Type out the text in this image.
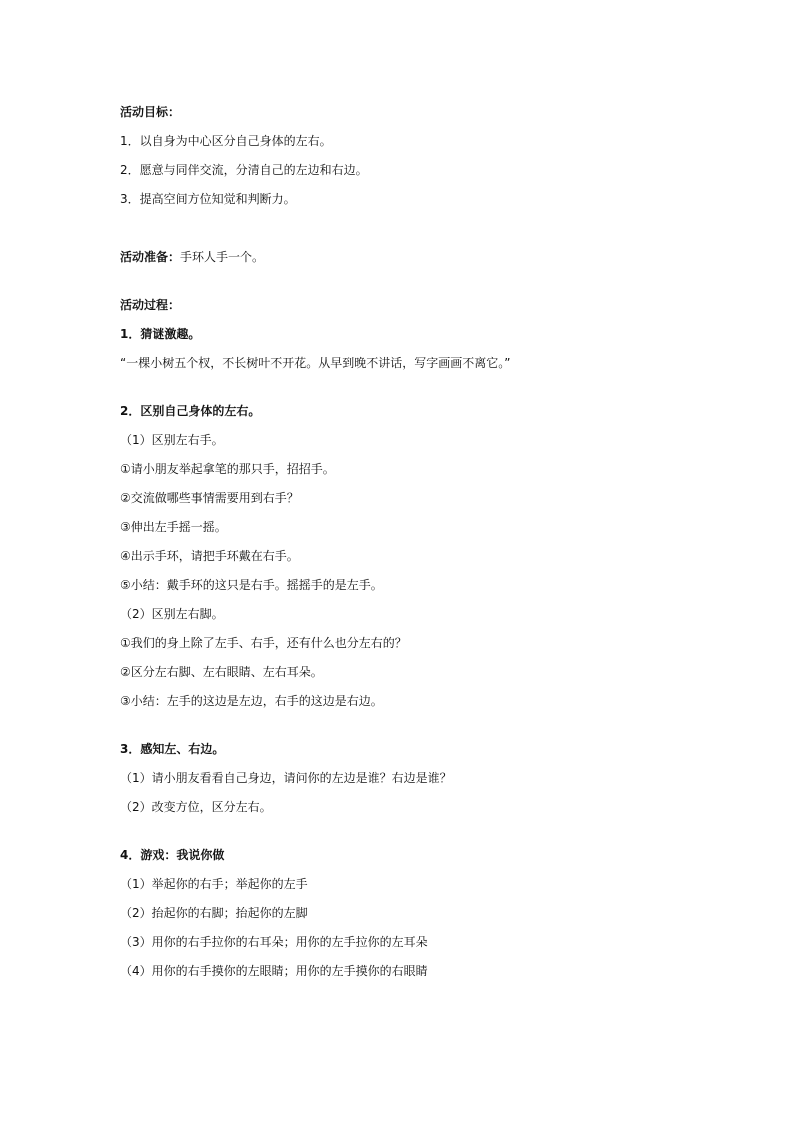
活动目标：
1．以自身为中心区分自己身体的左右。
2．愿意与同伴交流，分清自己的左边和右边。
3．提高空间方位知觉和判断力。
活动准备：手环人手一个。
活动过程：
1．猜谜激趣。
“一棵小树五个杈，不长树叶不开花。从早到晚不讲话，写字画画不离它。”
2．区别自己身体的左右。
（1）区别左右手。
①请小朋友举起拿笔的那只手，招招手。
②交流做哪些事情需要用到右手？
③伸出左手摇一摇。
④出示手环，请把手环戴在右手。
⑤小结：戴手环的这只是右手。摇摇手的是左手。
（2）区别左右脚。
①我们的身上除了左手、右手，还有什么也分左右的？
②区分左右脚、左右眼睛、左右耳朵。
③小结：左手的这边是左边，右手的这边是右边。
3．感知左、右边。
（1）请小朋友看看自己身边，请问你的左边是谁？右边是谁？
（2）改变方位，区分左右。
4．游戏：我说你做
（1）举起你的右手；举起你的左手
（2）抬起你的右脚；抬起你的左脚
（3）用你的右手拉你的右耳朵；用你的左手拉你的左耳朵
（4）用你的右手摸你的左眼睛；用你的左手摸你的右眼睛
